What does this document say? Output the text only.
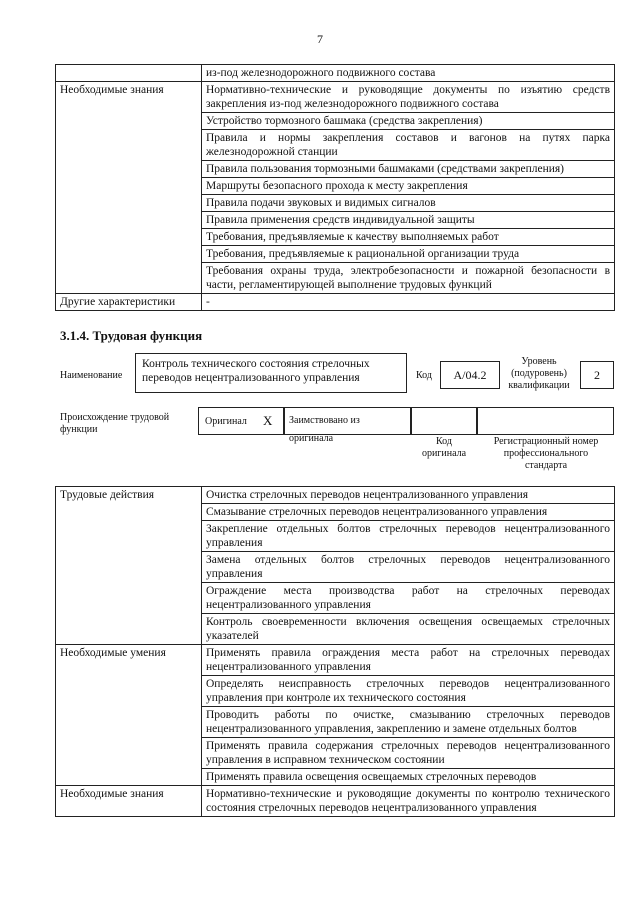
7
	из-под железнодорожного подвижного состава
Необходимые знания	Нормативно-технические и руководящие документы по изъятию средств закрепления из-под железнодорожного подвижного состава
	Устройство тормозного башмака (средства закрепления)
	Правила и нормы закрепления составов и вагонов на путях парка железнодорожной станции
	Правила пользования тормозными башмаками (средствами закрепления)
	Маршруты безопасного прохода к месту закрепления
	Правила подачи звуковых и видимых сигналов
	Правила применения средств индивидуальной защиты
	Требования, предъявляемые к качеству выполняемых работ
	Требования, предъявляемые к рациональной организации труда
	Требования охраны труда, электробезопасности и пожарной безопасности в части, регламентирующей выполнение трудовых функций
Другие характеристики	-
3.1.4. Трудовая функция
Наименование
Контроль технического состояния стрелочных переводов нецентрализованного управления	Код	А/04.2
Уровень (подуровень) квалификации
2
Происхождение трудовой функции
Оригинал X	Заимствовано из оригинала	Код оригинала
Регистрационный номер профессионального стандарта
Трудовые действия	Очистка стрелочных переводов нецентрализованного управления
	Смазывание стрелочных переводов нецентрализованного управления
	Закрепление отдельных болтов стрелочных переводов нецентрализованного управления
	Замена отдельных болтов стрелочных переводов нецентрализованного управления
	Ограждение места производства работ на стрелочных переводах нецентрализованного управления
	Контроль своевременности включения освещения освещаемых стрелочных указателей
Необходимые умения	Применять правила ограждения места работ на стрелочных переводах нецентрализованного управления
	Определять неисправность стрелочных переводов нецентрализованного управления при контроле их технического состояния
	Проводить работы по очистке, смазыванию стрелочных переводов нецентрализованного управления, закреплению и замене отдельных болтов
	Применять правила содержания стрелочных переводов нецентрализованного управления в исправном техническом состоянии
	Применять правила освещения освещаемых стрелочных переводов
Необходимые знания	Нормативно-технические и руководящие документы по контролю технического состояния стрелочных переводов нецентрализованного управления
